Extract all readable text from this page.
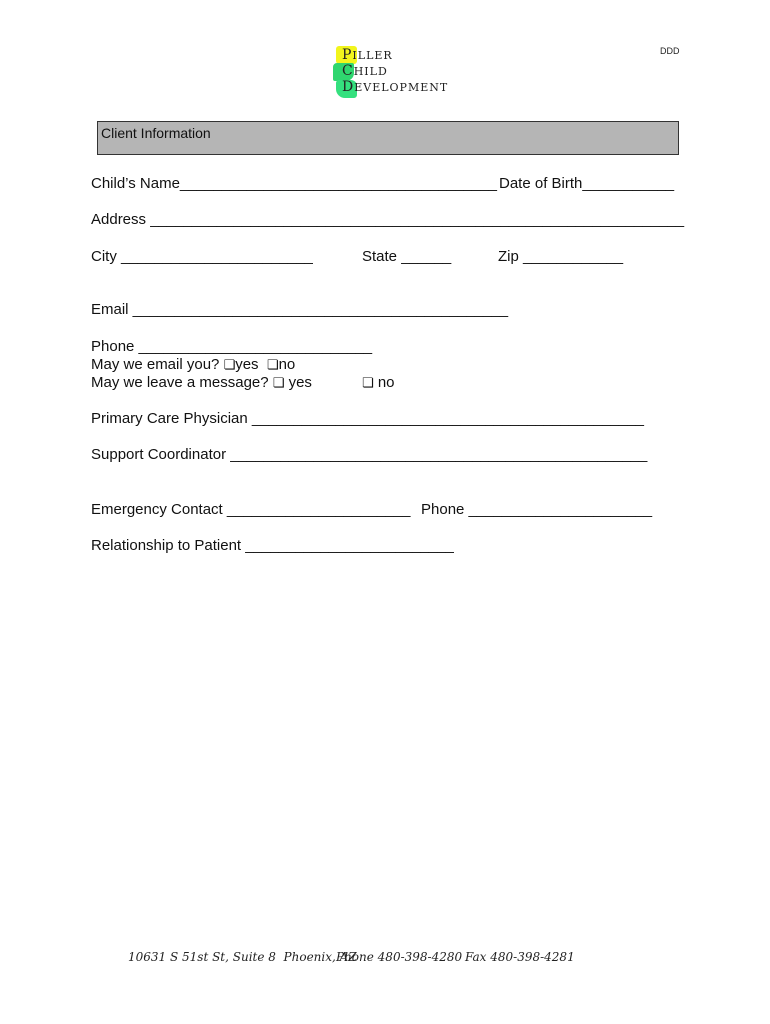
DDD
PILLER
CHILD
DEVELOPMENT
Client Information
Child’s Name______________________________________ Date of Birth___________
Address ________________________________________________________________
City _______________________	State ______	Zip ____________
Email _____________________________________________
Phone ____________________________
May we email you? ❏yes  ❏no
May we leave a message? ❏ yes	❏ no
Primary Care Physician _______________________________________________
Support Coordinator __________________________________________________
Emergency Contact ______________________ Phone ______________________
Relationship to Patient _________________________
10631 S 51st St, Suite 8  Phoenix, AZ
Phone 480-398-4280 Fax 480-398-4281
